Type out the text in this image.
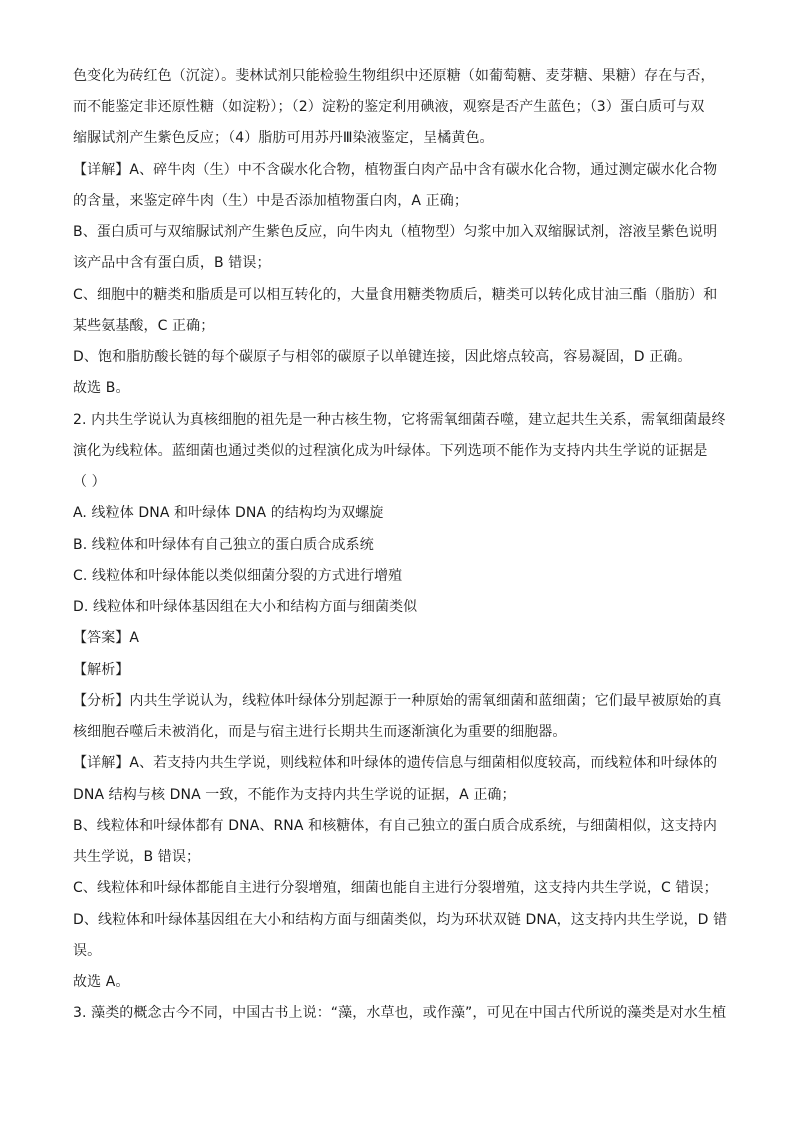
色变化为砖红色（沉淀）。斐林试剂只能检验生物组织中还原糖（如葡萄糖、麦芽糖、果糖）存在与否，
而不能鉴定非还原性糖（如淀粉）；（2）淀粉的鉴定利用碘液，观察是否产生蓝色；（3）蛋白质可与双
缩脲试剂产生紫色反应；（4）脂肪可用苏丹Ⅲ染液鉴定，呈橘黄色。
【详解】A、碎牛肉（生）中不含碳水化合物，植物蛋白肉产品中含有碳水化合物，通过测定碳水化合物
的含量，来鉴定碎牛肉（生）中是否添加植物蛋白肉，A 正确；
B、蛋白质可与双缩脲试剂产生紫色反应，向牛肉丸（植物型）匀浆中加入双缩脲试剂，溶液呈紫色说明
该产品中含有蛋白质，B 错误；
C、细胞中的糖类和脂质是可以相互转化的，大量食用糖类物质后，糖类可以转化成甘油三酯（脂肪）和
某些氨基酸，C 正确；
D、饱和脂肪酸长链的每个碳原子与相邻的碳原子以单键连接，因此熔点较高，容易凝固，D 正确。
故选 B。
2. 内共生学说认为真核细胞的祖先是一种古核生物，它将需氧细菌吞噬，建立起共生关系，需氧细菌最终
演化为线粒体。蓝细菌也通过类似的过程演化成为叶绿体。下列选项不能作为支持内共生学说的证据是
（ ）
A. 线粒体 DNA 和叶绿体 DNA 的结构均为双螺旋
B. 线粒体和叶绿体有自己独立的蛋白质合成系统
C. 线粒体和叶绿体能以类似细菌分裂的方式进行增殖
D. 线粒体和叶绿体基因组在大小和结构方面与细菌类似
【答案】A
【解析】
【分析】内共生学说认为，线粒体叶绿体分别起源于一种原始的需氧细菌和蓝细菌；它们最早被原始的真
核细胞吞噬后未被消化，而是与宿主进行长期共生而逐渐演化为重要的细胞器。
【详解】A、若支持内共生学说，则线粒体和叶绿体的遗传信息与细菌相似度较高，而线粒体和叶绿体的
DNA 结构与核 DNA 一致，不能作为支持内共生学说的证据，A 正确；
B、线粒体和叶绿体都有 DNA、RNA 和核糖体，有自己独立的蛋白质合成系统，与细菌相似，这支持内
共生学说，B 错误；
C、线粒体和叶绿体都能自主进行分裂增殖，细菌也能自主进行分裂增殖，这支持内共生学说，C 错误；
D、线粒体和叶绿体基因组在大小和结构方面与细菌类似，均为环状双链 DNA，这支持内共生学说，D 错
误。
故选 A。
3. 藻类的概念古今不同，中国古书上说：“藻，水草也，或作藻”，可见在中国古代所说的藻类是对水生植
